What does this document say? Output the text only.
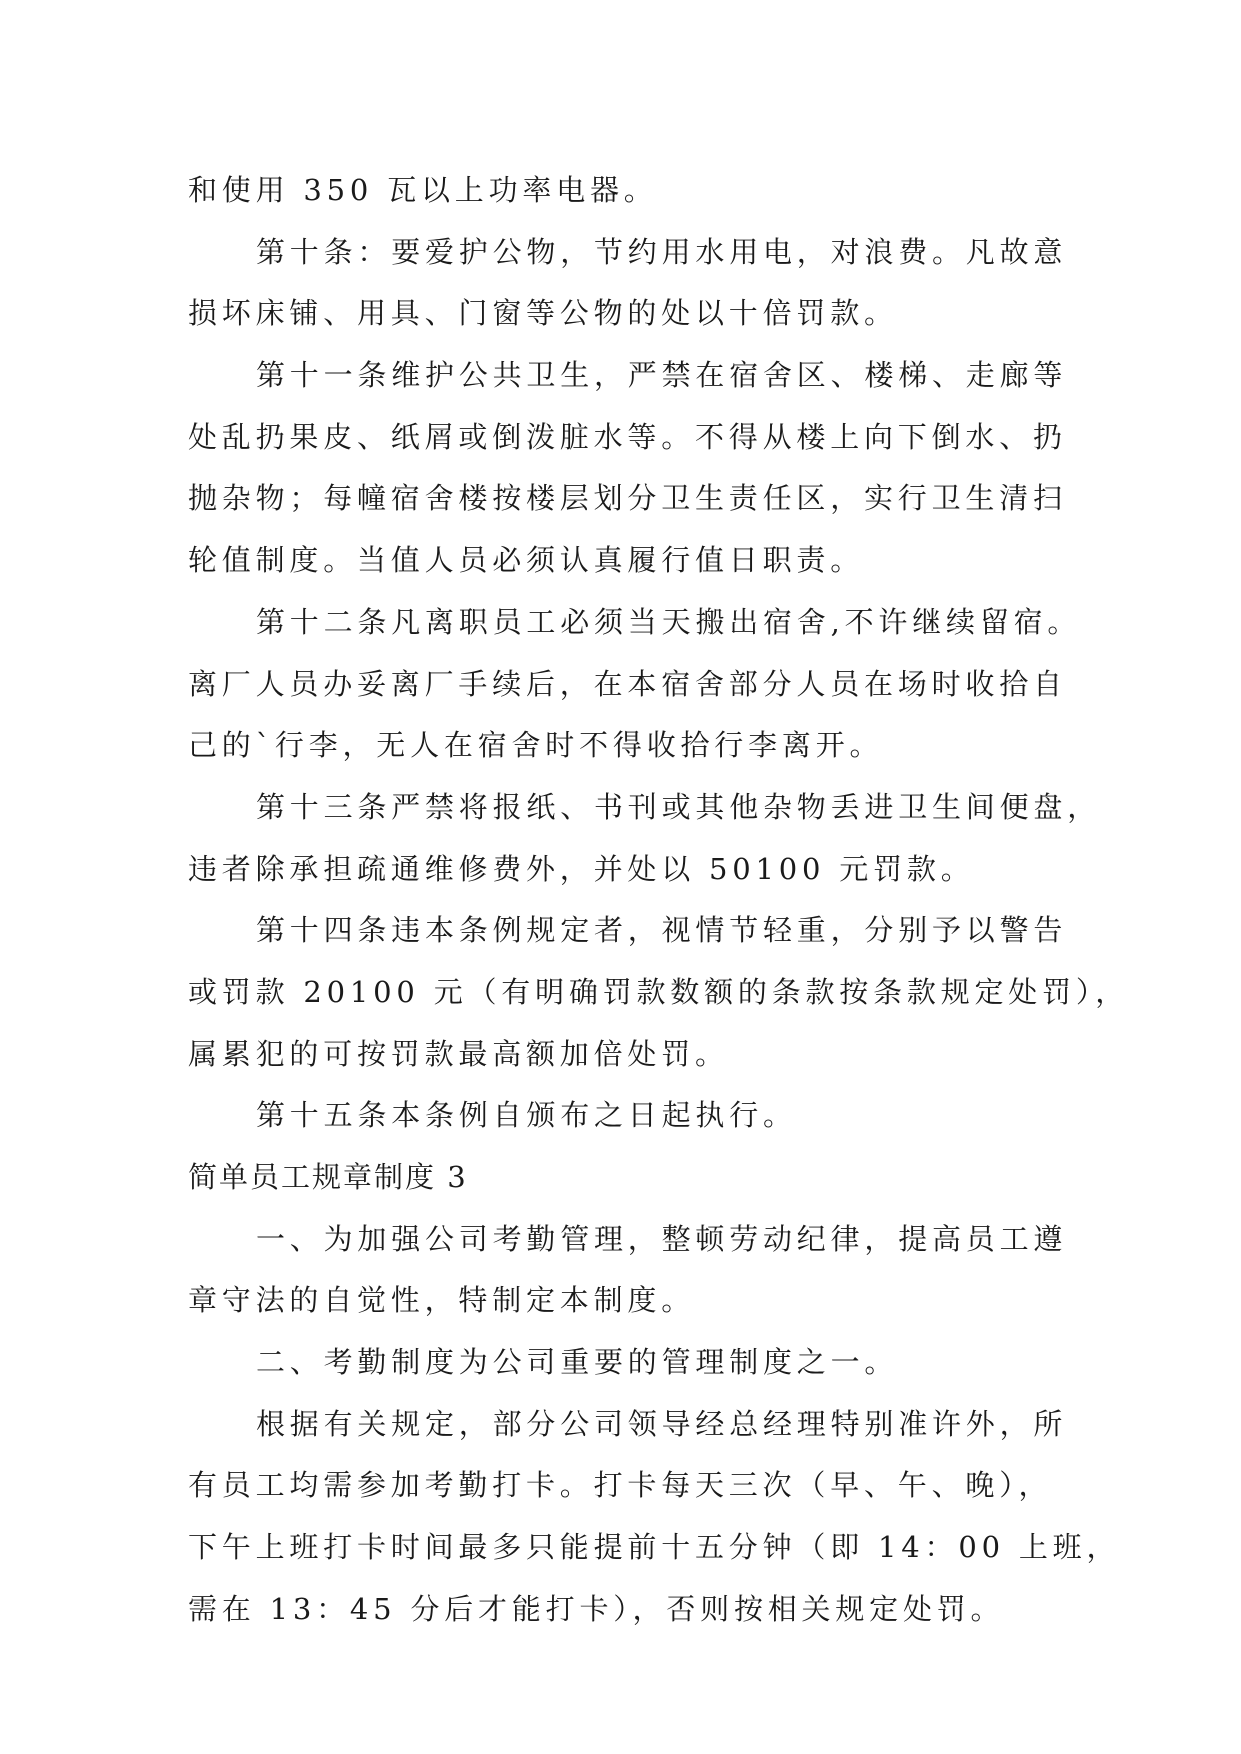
和使用 350 瓦以上功率电器。
第十条：要爱护公物，节约用水用电，对浪费。凡故意
损坏床铺、用具、门窗等公物的处以十倍罚款。
第十一条维护公共卫生，严禁在宿舍区、楼梯、走廊等
处乱扔果皮、纸屑或倒泼脏水等。不得从楼上向下倒水、扔
抛杂物；每幢宿舍楼按楼层划分卫生责任区，实行卫生清扫
轮值制度。当值人员必须认真履行值日职责。
第十二条凡离职员工必须当天搬出宿舍,不许继续留宿。
离厂人员办妥离厂手续后，在本宿舍部分人员在场时收拾自
己的`行李，无人在宿舍时不得收拾行李离开。
第十三条严禁将报纸、书刊或其他杂物丢进卫生间便盘，
违者除承担疏通维修费外，并处以 50100 元罚款。
第十四条违本条例规定者，视情节轻重，分别予以警告
或罚款 20100 元（有明确罚款数额的条款按条款规定处罚），
属累犯的可按罚款最高额加倍处罚。
第十五条本条例自颁布之日起执行。
简单员工规章制度 3
一、为加强公司考勤管理，整顿劳动纪律，提高员工遵
章守法的自觉性，特制定本制度。
二、考勤制度为公司重要的管理制度之一。
根据有关规定，部分公司领导经总经理特别准许外，所
有员工均需参加考勤打卡。打卡每天三次（早、午、晚），
下午上班打卡时间最多只能提前十五分钟（即 14：00 上班，
需在 13：45 分后才能打卡），否则按相关规定处罚。
